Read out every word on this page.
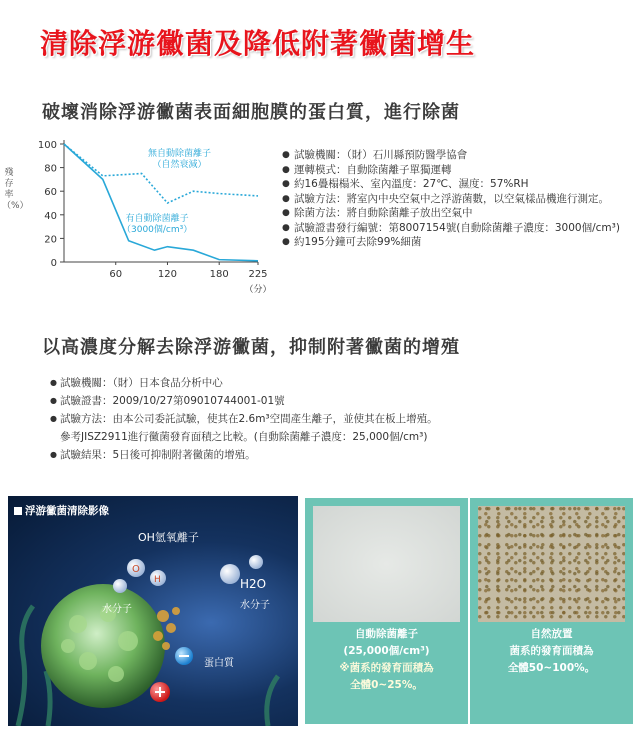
清除浮游黴菌及降低附著黴菌增生
破壞消除浮游黴菌表面細胞膜的蛋白質，進行除菌
0
20
40
60
80
100
60	120	180 225
（分）
殘存率（%）
無自動除菌離子
（自然衰減）
有自動除菌離子
（3000個/cm³）
● 試驗機關：（財）石川縣預防醫學協會
● 運轉模式：自動除菌離子單獨運轉
● 約16疊榻榻米、室內溫度：27℃、濕度：57%RH
● 試驗方法：將室內中央空氣中之浮游菌數，以空氣樣品機進行測定。
● 除菌方法：將自動除菌離子放出空氣中
● 試驗證書發行編號：第8007154號(自動除菌離子濃度：3000個/cm³)
● 約195分鐘可去除99%細菌
以高濃度分解去除浮游黴菌，抑制附著黴菌的增殖
● 試驗機關：（財）日本食品分析中心
● 試驗證書：2009/10/27第09010744001-01號
● 試驗方法：由本公司委託試驗，使其在2.6m³空間產生離子，並使其在板上增殖。
參考JISZ2911進行黴菌發育面積之比較。(自動除菌離子濃度：25,000個/cm³)
● 試驗結果：5日後可抑制附著黴菌的增殖。
O
H
浮游黴菌清除影像
OH氫氧離子
水分子
H2O
水分子
蛋白質
自動除菌離子
(25,000個/cm³)
※菌系的發育面積為
全體0~25%。
自然放置
菌系的發育面積為
全體50~100%。
